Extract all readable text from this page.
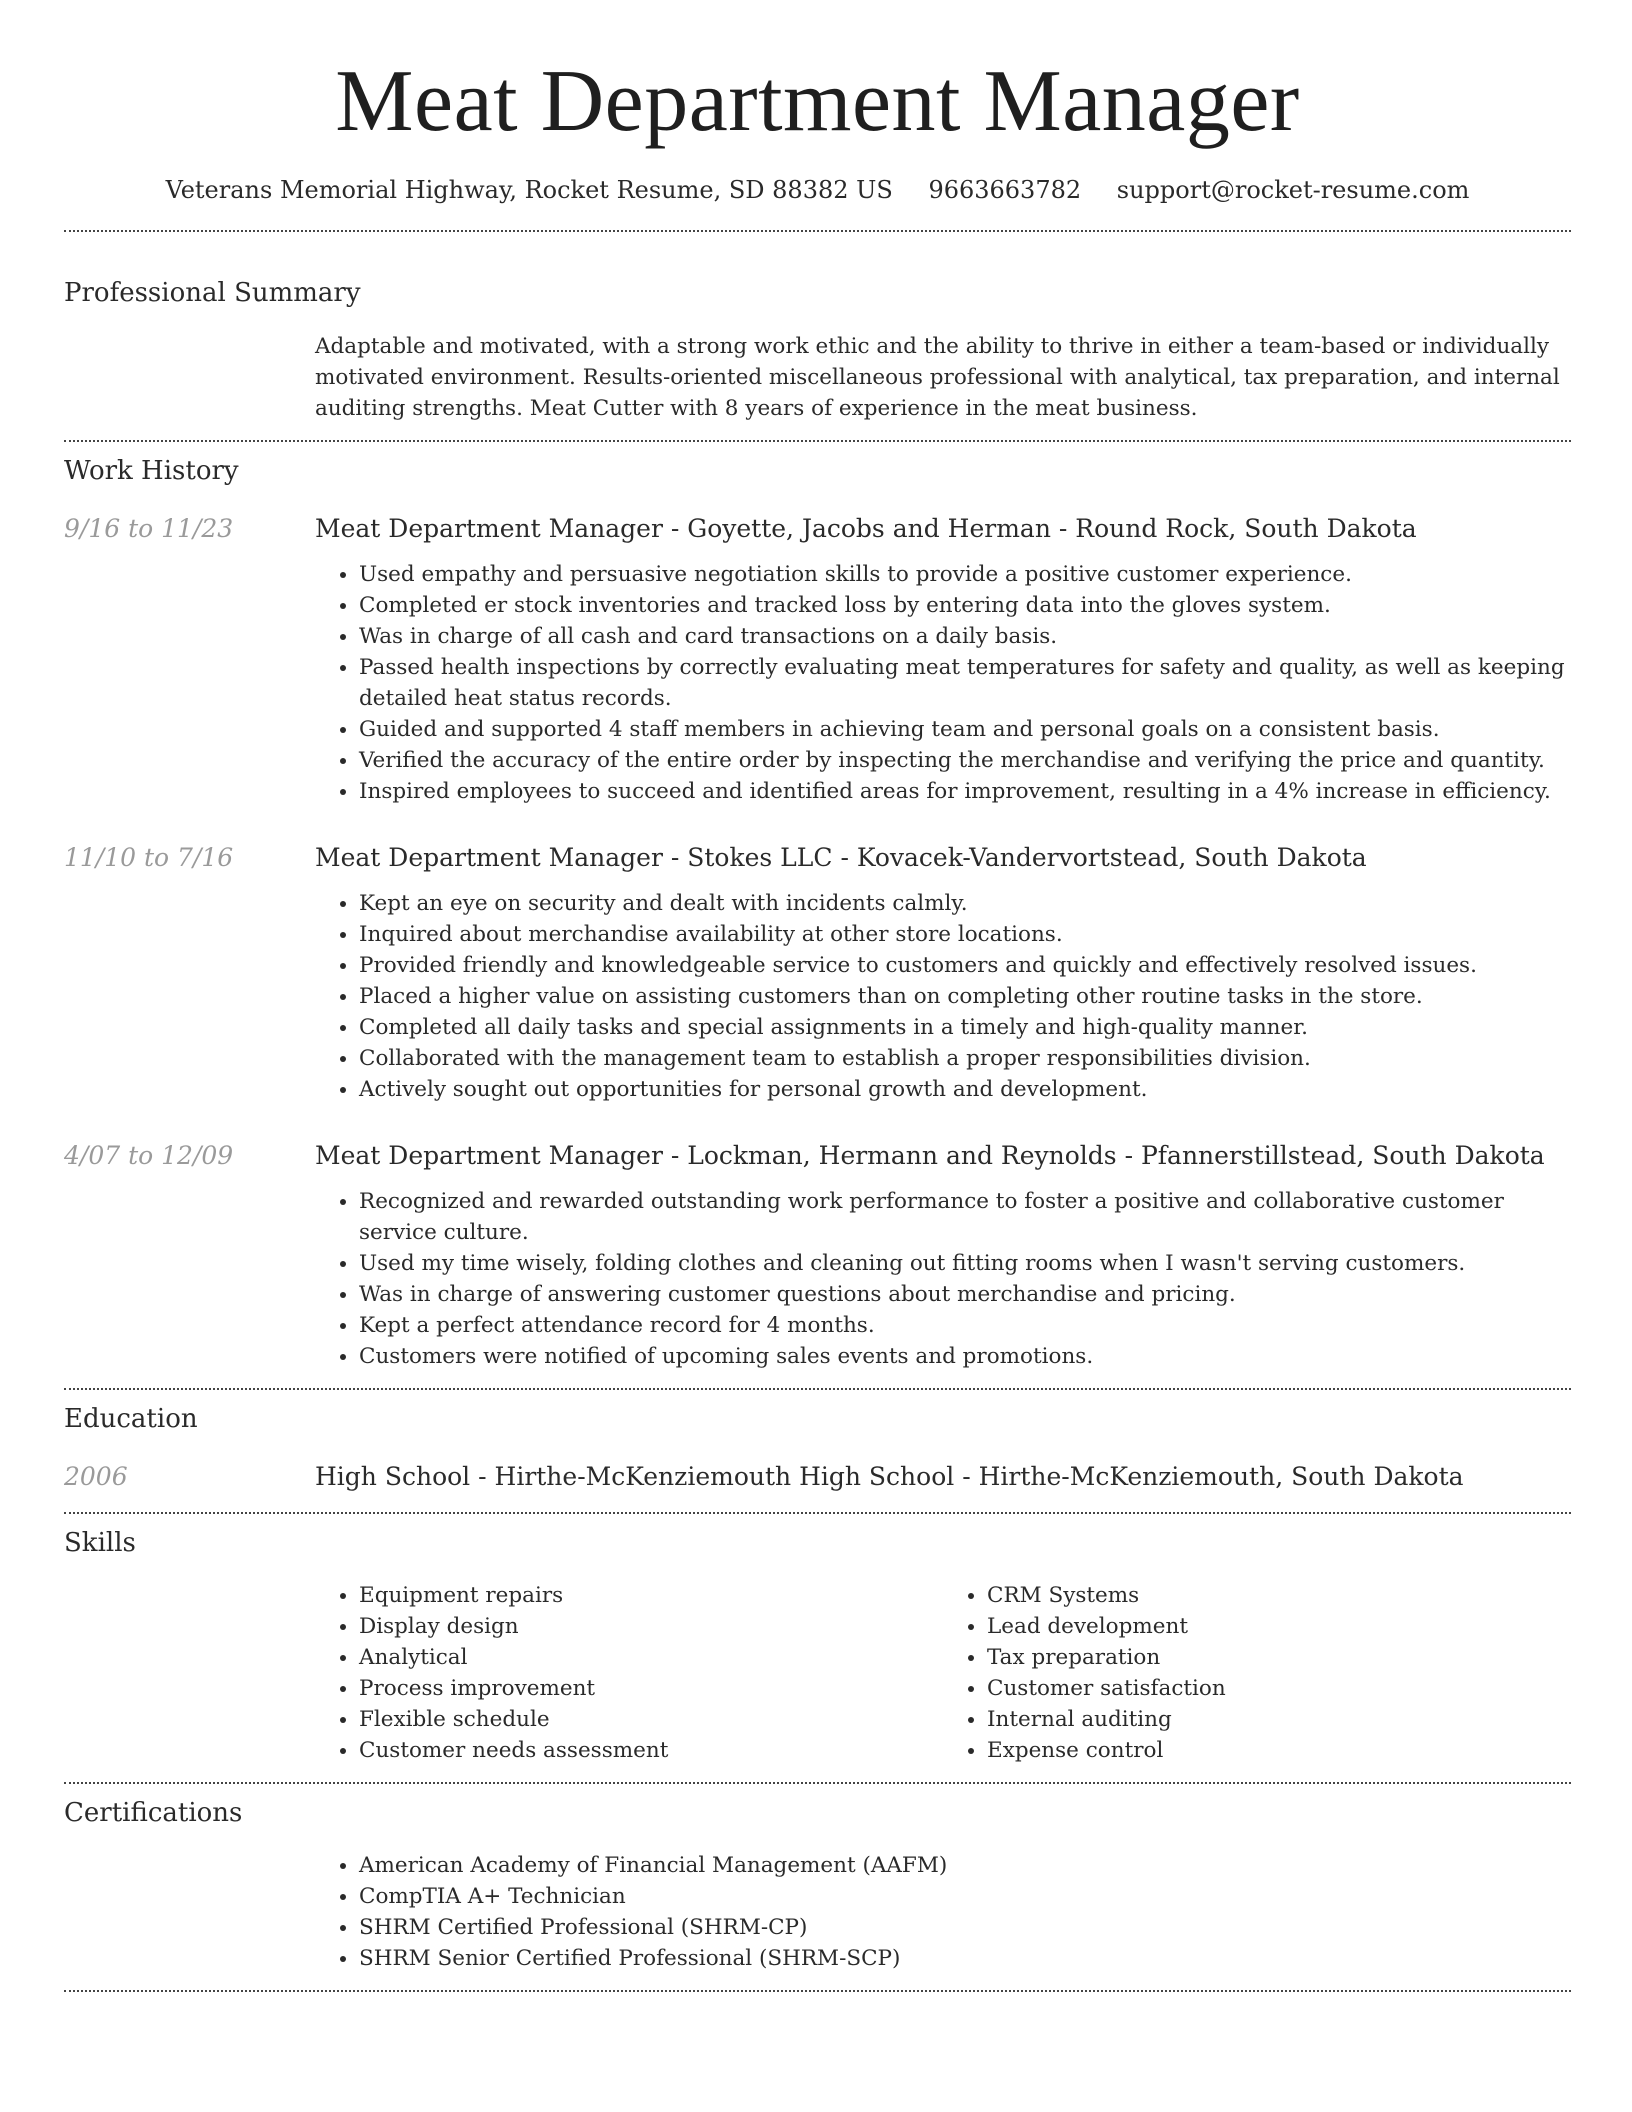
Meat Department Manager
Veterans Memorial Highway, Rocket Resume, SD 88382 US 9663663782 support@rocket-resume.com
Professional Summary

Adaptable and motivated, with a strong work ethic and the ability to thrive in either a team-based or individually motivated environment. Results-oriented miscellaneous professional with analytical, tax preparation, and internal auditing strengths. Meat Cutter with 8 years of experience in the meat business.

Work History
9/16 to 11/23	Meat Department Manager - Goyette, Jacobs and Herman - Round Rock, South Dakota
• Used empathy and persuasive negotiation skills to provide a positive customer experience.
• Completed er stock inventories and tracked loss by entering data into the gloves system.
• Was in charge of all cash and card transactions on a daily basis.
• Passed health inspections by correctly evaluating meat temperatures for safety and quality, as well as keeping detailed heat status records.
• Guided and supported 4 staff members in achieving team and personal goals on a consistent basis.
• Verified the accuracy of the entire order by inspecting the merchandise and verifying the price and quantity.
• Inspired employees to succeed and identified areas for improvement, resulting in a 4% increase in efficiency.
11/10 to 7/16	Meat Department Manager - Stokes LLC - Kovacek-Vandervortstead, South Dakota
• Kept an eye on security and dealt with incidents calmly.
• Inquired about merchandise availability at other store locations.
• Provided friendly and knowledgeable service to customers and quickly and effectively resolved issues.
• Placed a higher value on assisting customers than on completing other routine tasks in the store.
• Completed all daily tasks and special assignments in a timely and high-quality manner.
• Collaborated with the management team to establish a proper responsibilities division.
• Actively sought out opportunities for personal growth and development.
4/07 to 12/09	Meat Department Manager - Lockman, Hermann and Reynolds - Pfannerstillstead, South Dakota
• Recognized and rewarded outstanding work performance to foster a positive and collaborative customer service culture.
• Used my time wisely, folding clothes and cleaning out fitting rooms when I wasn't serving customers.
• Was in charge of answering customer questions about merchandise and pricing.
• Kept a perfect attendance record for 4 months.
• Customers were notified of upcoming sales events and promotions.
Education
2006	High School - Hirthe-McKenziemouth High School - Hirthe-McKenziemouth, South Dakota
Skills
• Equipment repairs
• Display design
• Analytical
• Process improvement
• Flexible schedule
• Customer needs assessment
• CRM Systems
• Lead development
• Tax preparation
• Customer satisfaction
• Internal auditing
• Expense control
Certifications
• American Academy of Financial Management (AAFM)
• CompTIA A+ Technician
• SHRM Certified Professional (SHRM-CP)
• SHRM Senior Certified Professional (SHRM-SCP)
